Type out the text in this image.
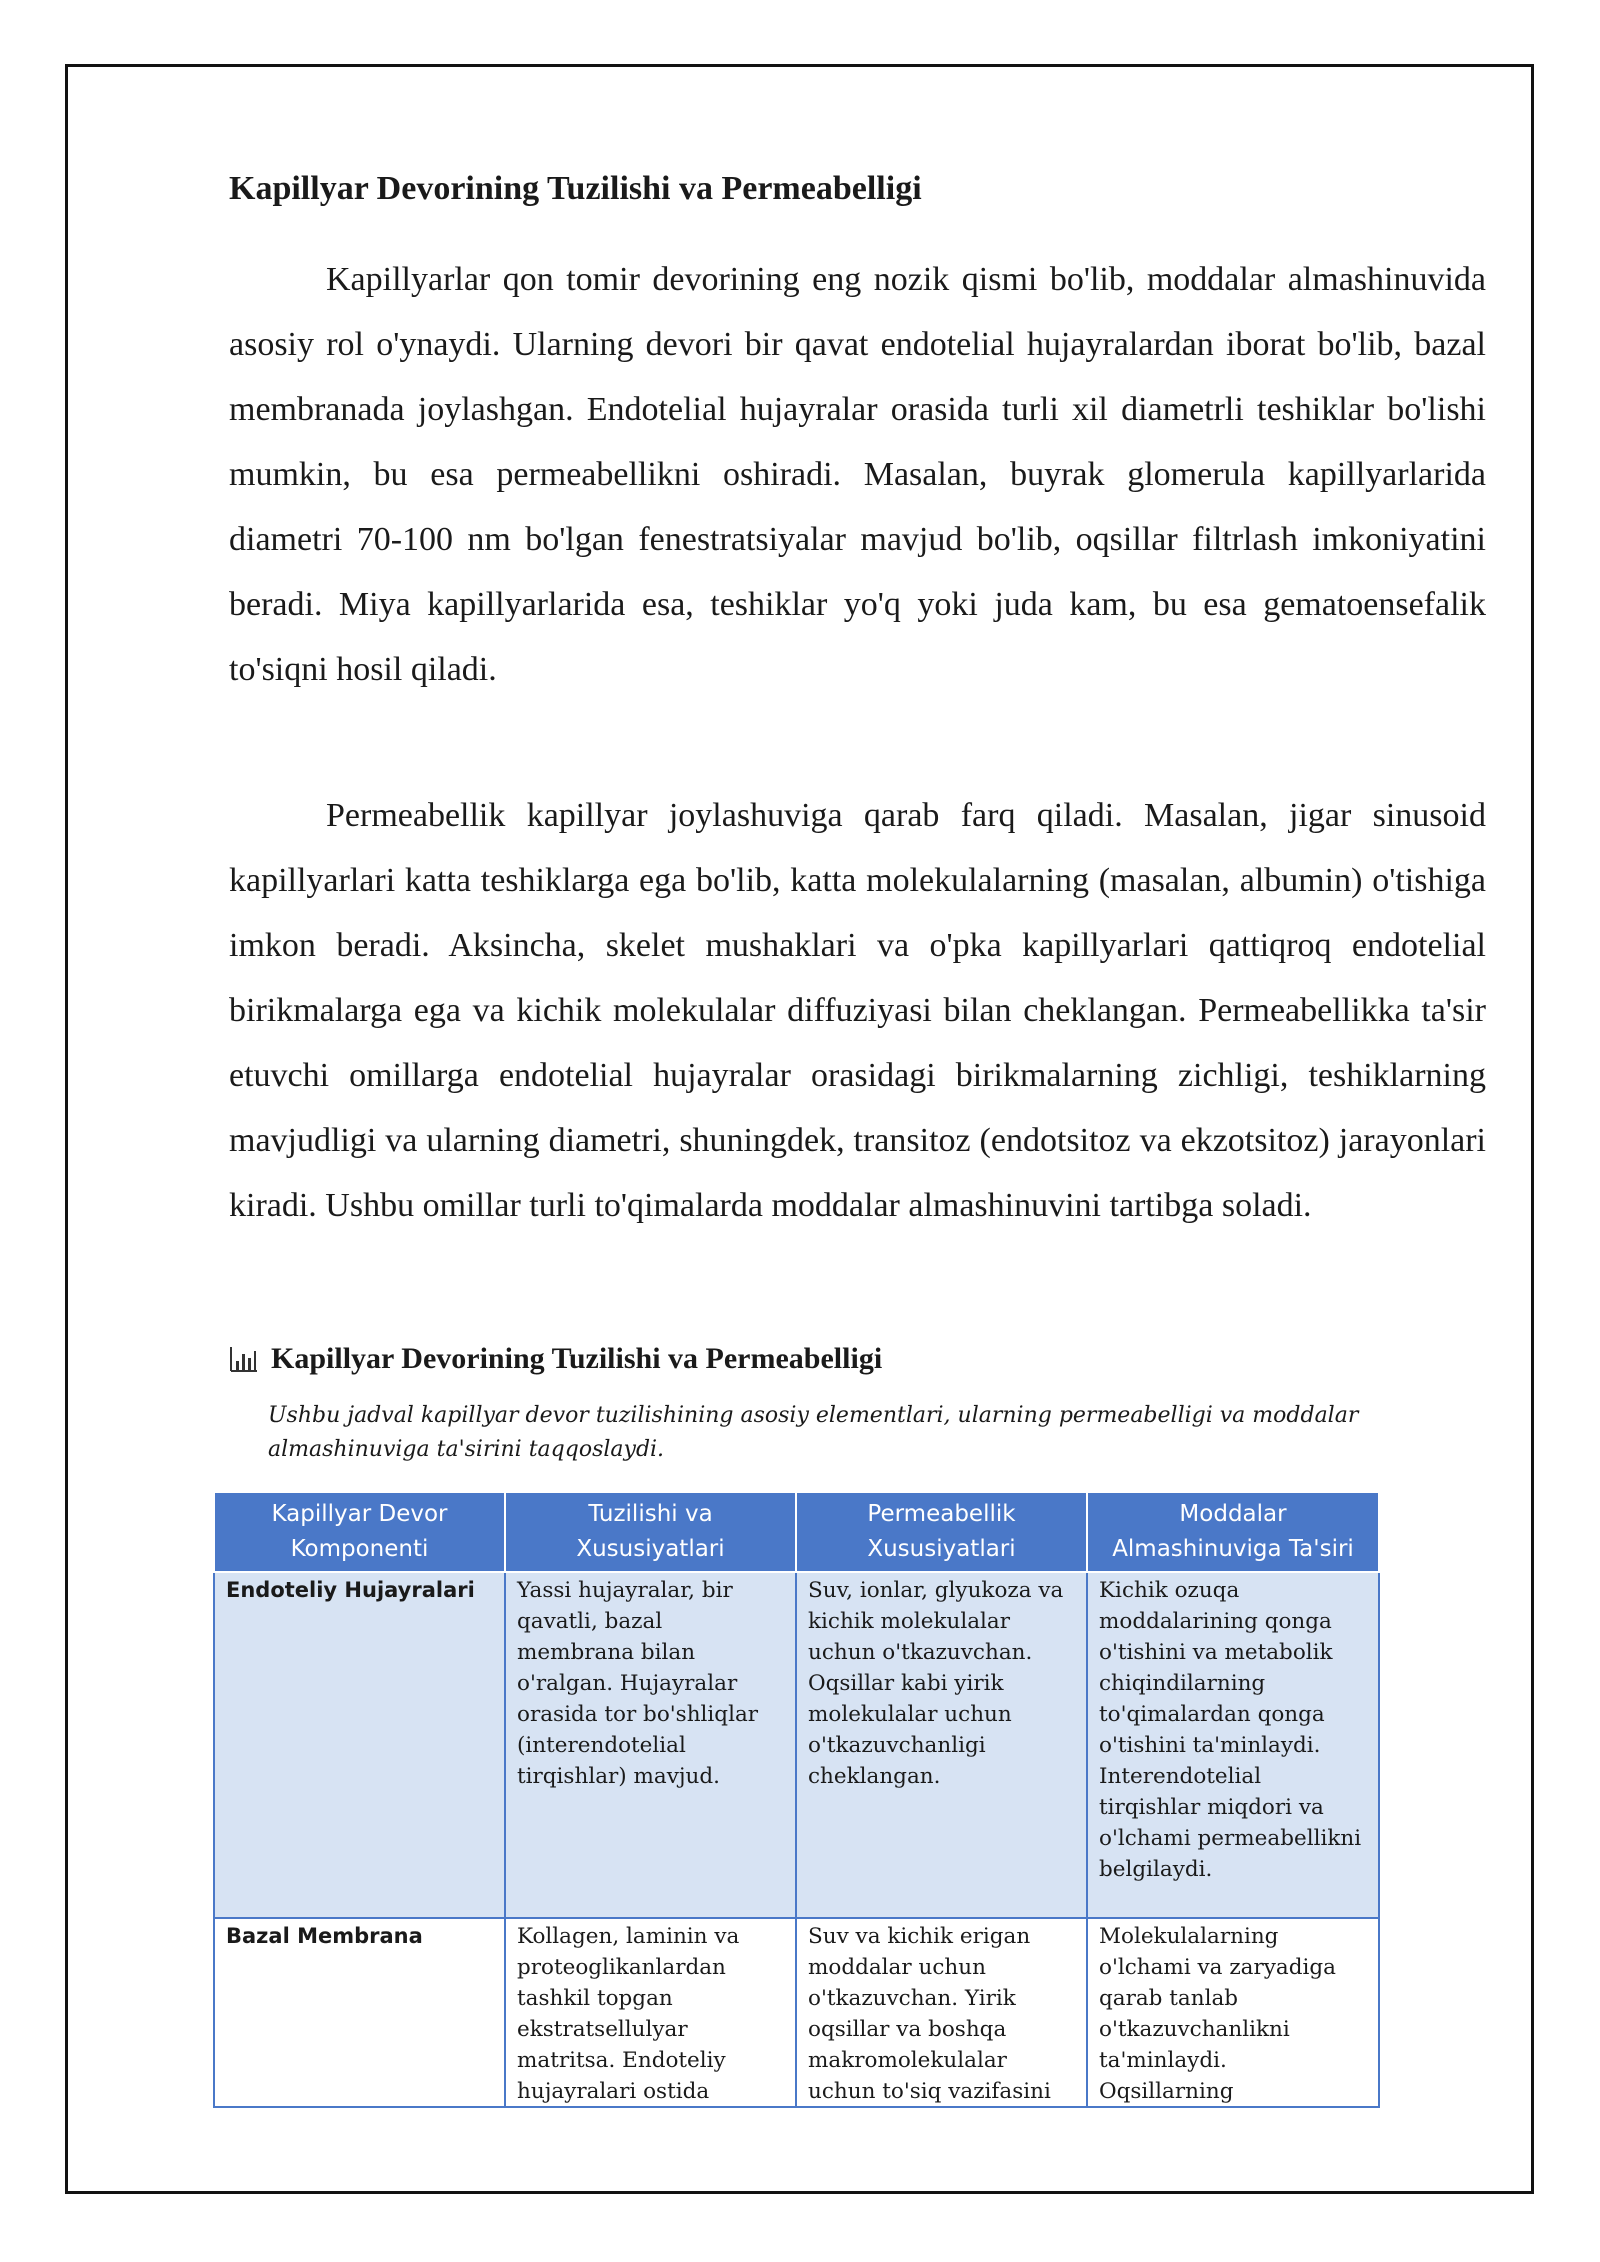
Kapillyar Devorining Tuzilishi va Permeabelligi

Kapillyarlar qon tomir devorining eng nozik qismi bo'lib, moddalar almashinuvida asosiy rol o'ynaydi. Ularning devori bir qavat endotelial hujayralardan iborat bo'lib, bazal membranada joylashgan. Endotelial hujayralar orasida turli xil diametrli teshiklar bo'lishi mumkin, bu esa permeabellikni oshiradi. Masalan, buyrak glomerula kapillyarlarida diametri 70-100 nm bo'lgan fenestratsiyalar mavjud bo'lib, oqsillar filtrlash imkoniyatini beradi. Miya kapillyarlarida esa, teshiklar yo'q yoki juda kam, bu esa gematoensefalik to'siqni hosil qiladi.

Permeabellik kapillyar joylashuviga qarab farq qiladi. Masalan, jigar sinusoid kapillyarlari katta teshiklarga ega bo'lib, katta molekulalarning (masalan, albumin) o'tishiga imkon beradi. Aksincha, skelet mushaklari va o'pka kapillyarlari qattiqroq endotelial birikmalarga ega va kichik molekulalar diffuziyasi bilan cheklangan. Permeabellikka ta'sir etuvchi omillarga endotelial hujayralar orasidagi birikmalarning zichligi, teshiklarning mavjudligi va ularning diametri, shuningdek, transitoz (endotsitoz va ekzotsitoz) jarayonlari kiradi. Ushbu omillar turli to'qimalarda moddalar almashinuvini tartibga soladi.

Kapillyar Devorining Tuzilishi va Permeabelligi

Ushbu jadval kapillyar devor tuzilishining asosiy elementlari, ularning permeabelligi va moddalar almashinuviga ta'sirini taqqoslaydi.

Kapillyar Devor Komponenti	Tuzilishi va Xususiyatlari	Permeabellik Xususiyatlari	Moddalar Almashinuviga Ta'siri
Endoteliy Hujayralari	Yassi hujayralar, bir qavatli, bazal membrana bilan o'ralgan. Hujayralar orasida tor bo'shliqlar (interendotelial tirqishlar) mavjud.	Suv, ionlar, glyukoza va kichik molekulalar uchun o'tkazuvchan. Oqsillar kabi yirik molekulalar uchun o'tkazuvchanligi cheklangan.	Kichik ozuqa moddalarining qonga o'tishini va metabolik chiqindilarning to'qimalardan qonga o'tishini ta'minlaydi. Interendotelial tirqishlar miqdori va o'lchami permeabellikni belgilaydi.

Bazal Membrana	Kollagen, laminin va proteoglikanlardan tashkil topgan ekstratsellulyar matritsa. Endoteliy hujayralari ostida	Suv va kichik erigan moddalar uchun o'tkazuvchan. Yirik oqsillar va boshqa makromolekulalar uchun to'siq vazifasini	Molekulalarning o'lchami va zaryadiga qarab tanlab o'tkazuvchanlikni ta'minlaydi. Oqsillarning
